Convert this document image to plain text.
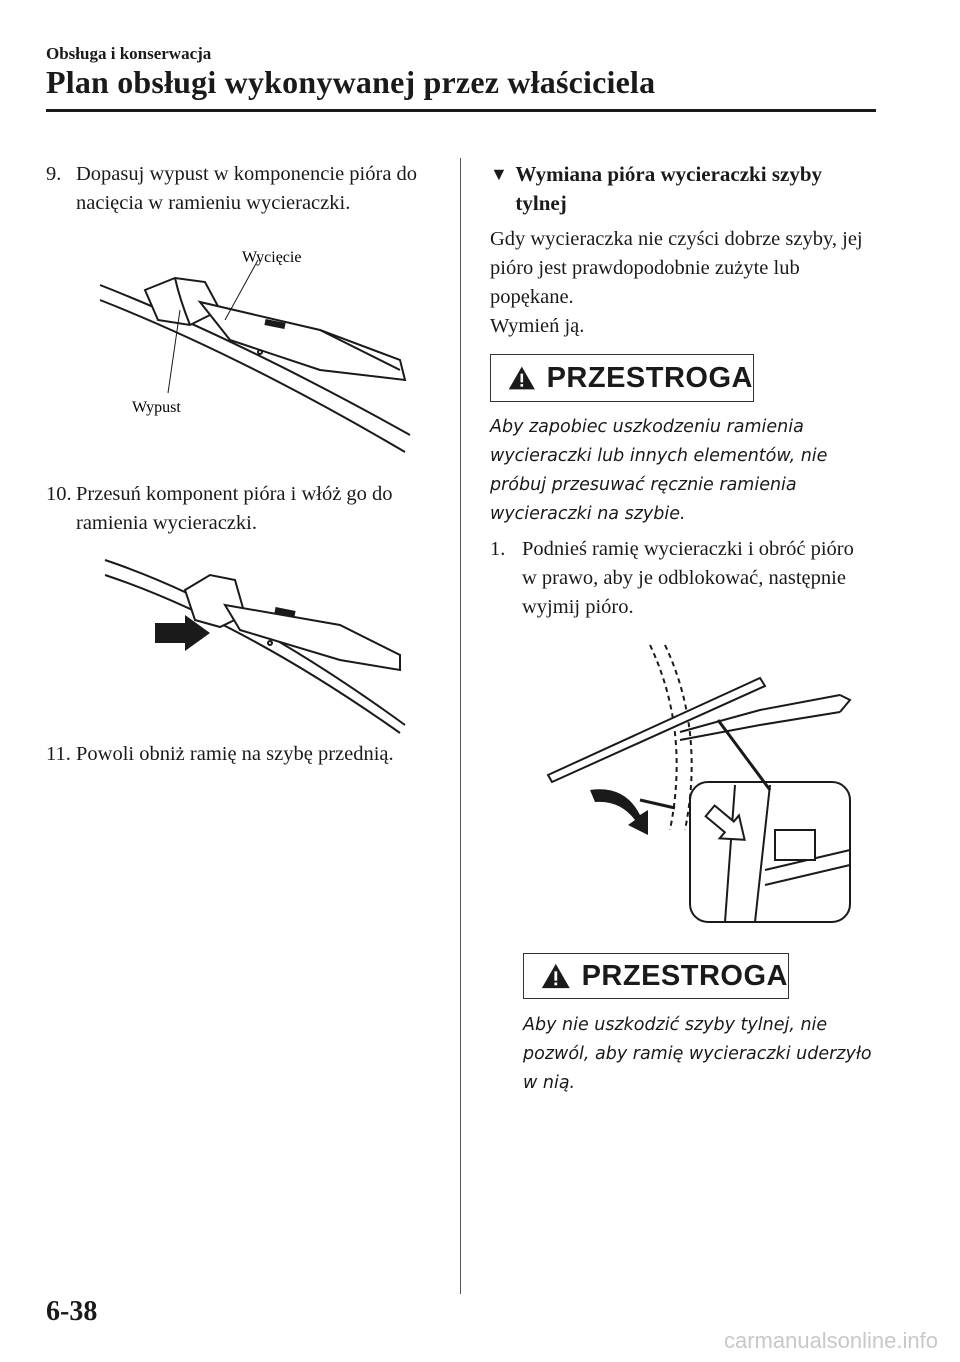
Obsługa i konserwacja
Plan obsługi wykonywanej przez właściciela
9. Dopasuj wypust w komponencie pióra do nacięcia w ramieniu wycieraczki.
Wycięcie
Wypust
10. Przesuń komponent pióra i włóż go do ramienia wycieraczki.
11. Powoli obniż ramię na szybę przednią.
▼ Wymiana pióra wycieraczki szyby tylnej
Gdy wycieraczka nie czyści dobrze szyby, jej pióro jest prawdopodobnie zużyte lub popękane.
Wymień ją.
PRZESTROGA
Aby zapobiec uszkodzeniu ramienia wycieraczki lub innych elementów, nie próbuj przesuwać ręcznie ramienia wycieraczki na szybie.
1. Podnieś ramię wycieraczki i obróć pióro w prawo, aby je odblokować, następnie wyjmij pióro.
PRZESTROGA
Aby nie uszkodzić szyby tylnej, nie pozwól, aby ramię wycieraczki uderzyło w nią.
6-38
carmanualsonline.info
